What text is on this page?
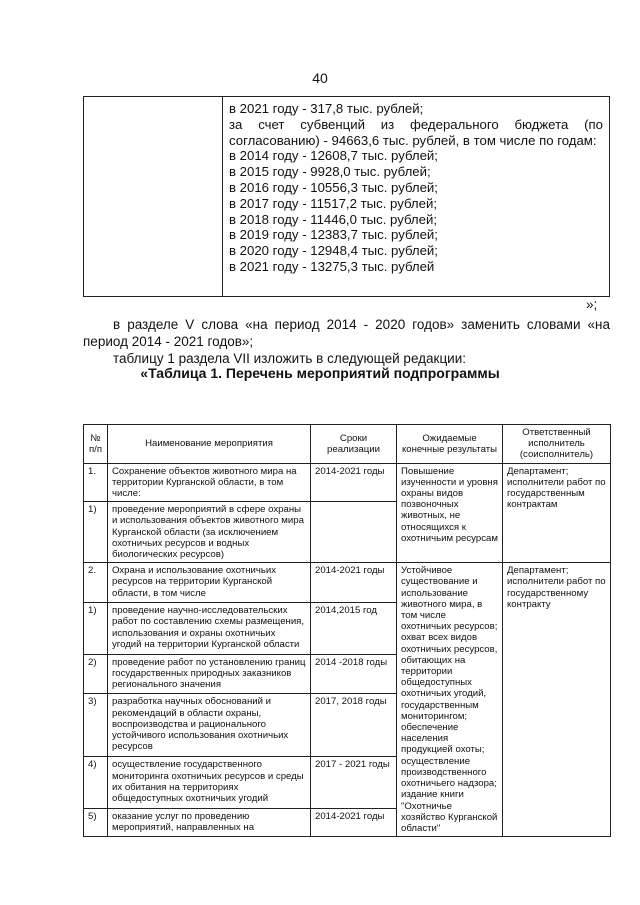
40

в 2021 году - 317,8 тыс. рублей;
за счет субвенций из федерального бюджета (по согласованию) - 94663,6 тыс. рублей, в том числе по годам:
в 2014 году - 12608,7 тыс. рублей;
в 2015 году - 9928,0 тыс. рублей;
в 2016 году - 10556,3 тыс. рублей;
в 2017 году - 11517,2 тыс. рублей;
в 2018 году - 11446,0 тыс. рублей;
в 2019 году - 12383,7 тыс. рублей;
в 2020 году - 12948,4 тыс. рублей;
в 2021 году - 13275,3 тыс. рублей
»;
в разделе V слова «на период 2014 - 2020 годов» заменить словами «на период 2014 - 2021 годов»;
таблицу 1 раздела VII изложить в следующей редакции:
«Таблица 1. Перечень мероприятий подпрограммы
№ п/п	Наименование мероприятия	Сроки реализации	Ожидаемые конечные результаты	Ответственный исполнитель (соисполнитель)
1.	Сохранение объектов животного мира на территории Курганской области, в том числе:	2014-2021 годы	Повышение изученности и уровня охраны видов позвоночных животных, не относящихся к охотничьим ресурсам	Департамент; исполнители работ по государственным контрактам
1)	проведение мероприятий в сфере охраны и использования объектов животного мира Курганской области (за исключением охотничьих ресурсов и водных биологических ресурсов)			
2.	Охрана и использование охотничьих ресурсов на территории Курганской области, в том числе	2014-2021 годы	Устойчивое существование и использование животного мира, в том числе охотничьих ресурсов; охват всех видов охотничьих ресурсов, обитающих на территории общедоступных охотничьих угодий, государственным мониторингом; обеспечение населения продукцией охоты; осуществление производственного охотничьего надзора; издание книги "Охотничье хозяйство Курганской области"	Департамент; исполнители работ по государственному контракту
1)	проведение научно-исследовательских работ по составлению схемы размещения, использования и охраны охотничьих угодий на территории Курганской области	2014,2015 год		
2)	проведение работ по установлению границ государственных природных заказников регионального значения	2014 -2018 годы		
3)	разработка научных обоснований и рекомендаций в области охраны, воспроизводства и рационального устойчивого использования охотничьих ресурсов	2017, 2018 годы		
4)	осуществление государственного мониторинга охотничьих ресурсов и среды их обитания на территориях общедоступных охотничьих угодий	2017 - 2021 годы		
5)	оказание услуг по проведению мероприятий, направленных на	2014-2021 годы		
